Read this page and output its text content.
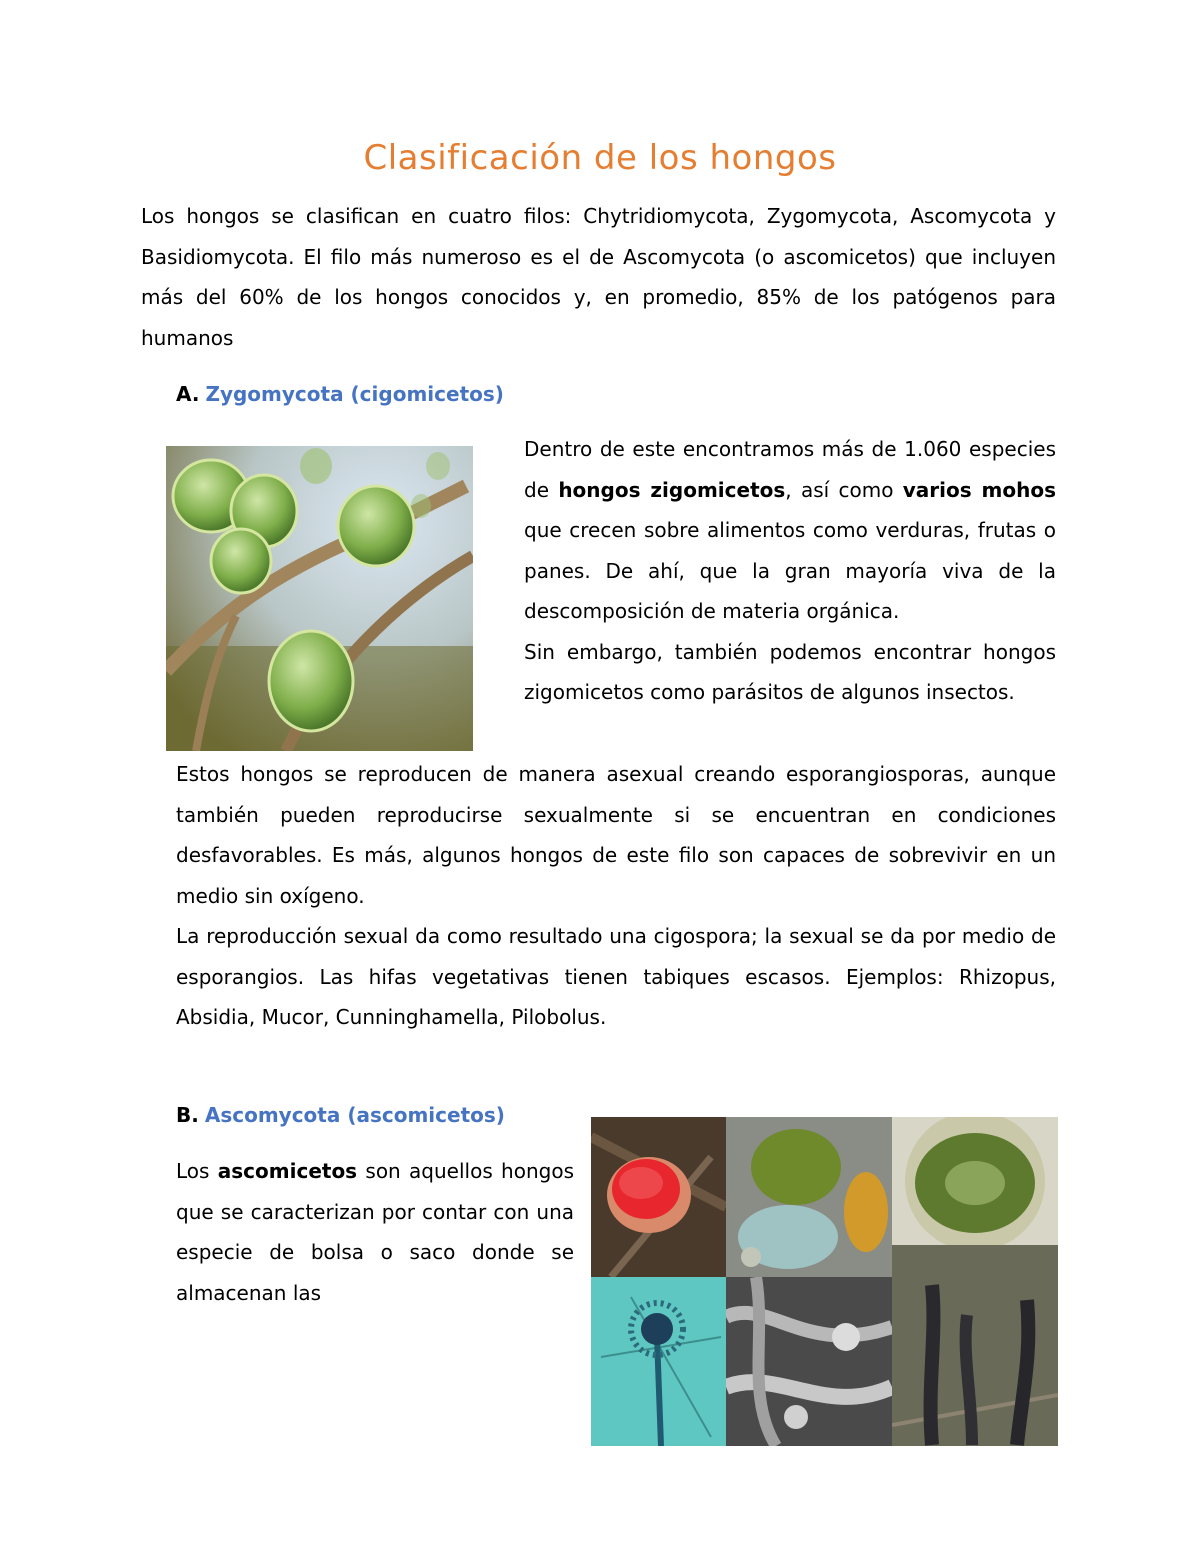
Clasificación de los hongos
Los hongos se clasifican en cuatro filos: Chytridiomycota, Zygomycota, Ascomycota y Basidiomycota. El filo más numeroso es el de Ascomycota (o ascomicetos) que incluyen más del 60% de los hongos conocidos y, en promedio, 85% de los patógenos para humanos
A. Zygomycota (cigomicetos)

Dentro de este encontramos más de 1.060 especies de hongos zigomicetos, así como varios mohos que crecen sobre alimentos como verduras, frutas o panes. De ahí, que la gran mayoría viva de la descomposición de materia orgánica.

Sin embargo, también podemos encontrar hongos zigomicetos como parásitos de algunos insectos.

Estos hongos se reproducen de manera asexual creando esporangiosporas, aunque también pueden reproducirse sexualmente si se encuentran en condiciones desfavorables. Es más, algunos hongos de este filo son capaces de sobrevivir en un medio sin oxígeno.

La reproducción sexual da como resultado una cigospora; la sexual se da por medio de esporangios. Las hifas vegetativas tienen tabiques escasos. Ejemplos: Rhizopus, Absidia, Mucor, Cunninghamella, Pilobolus.

B. Ascomycota (ascomicetos)

Los ascomicetos son aquellos hongos que se caracterizan por contar con una especie de bolsa o saco donde se almacenan las
